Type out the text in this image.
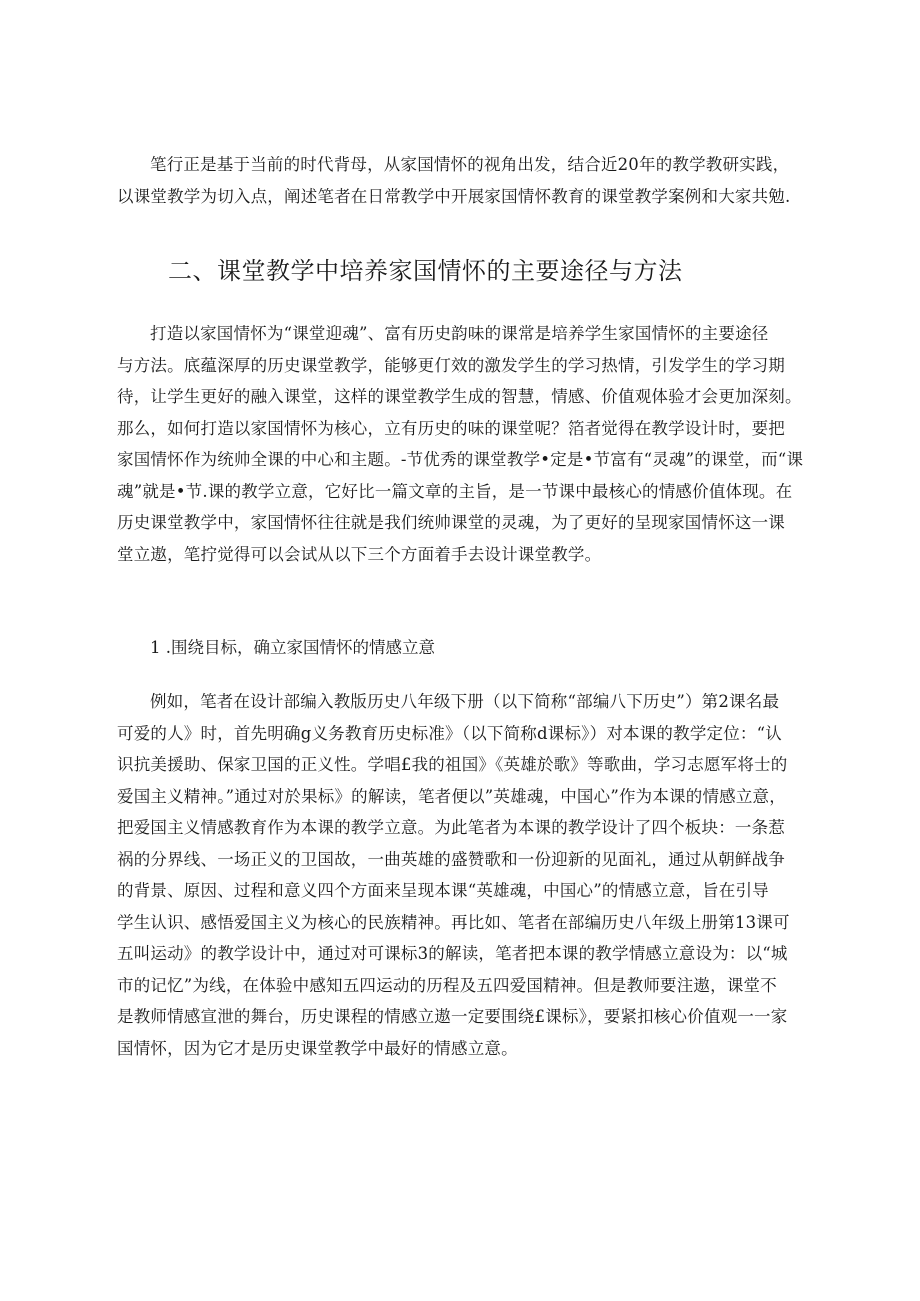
笔行正是基于当前的时代背母，从家国情怀的视角出发，结合近20年的教学教研实践，
以课堂教学为切入点，阐述笔者在日常教学中开展家国情怀教育的课堂教学案例和大家共勉.
二、课堂教学中培养家国情怀的主要途径与方法
打造以家国情怀为“课堂迎魂”、富有历史韵味的课常是培养学生家国情怀的主要途径
与方法。底蕴深厚的历史课堂教学，能够更仃效的激发学生的学习热情，引发学生的学习期
待，让学生更好的融入课堂，这样的课堂教学生成的智慧，情感、价值观体验才会更加深刻。
那么，如何打造以家国情怀为核心，立有历史的味的课堂呢？箔者觉得在教学设计时，要把
家国情怀作为统帅全课的中心和主题。-节优秀的课堂教学•定是•节富有“灵魂”的课堂，而“课
魂”就是•节.课的教学立意，它好比一篇文章的主旨，是一节课中最核心的情感价值体现。在
历史课堂教学中，家国情怀往往就是我们统帅课堂的灵魂，为了更好的呈现家国情怀这一课
堂立遨，笔拧觉得可以会试从以下三个方面着手去设计课堂教学。
1 .围绕目标，确立家国情怀的情感立意
例如，笔者在设计部编入教版历史八年级下册（以下简称“部编八下历史”）第2课名最
可爱的人》时，首先明确g义务教育历史标准》（以下简称d课标》）对本课的教学定位：“认
识抗美援助、保家卫国的正义性。学唱£我的祖国》《英雄於歌》等歌曲，学习志愿军将士的
爱国主义精神。”通过对於果标》的解读，笔者便以”英雄魂，中国心”作为本课的情感立意，
把爱国主义情感教育作为本课的教学立意。为此笔者为本课的教学设计了四个板块：一条惹
祸的分界线、一场正义的卫国故，一曲英雄的盛赞歌和一份迎新的见面礼，通过从朝鲜战争
的背景、原因、过程和意义四个方面来呈现本课“英雄魂，中国心”的情感立意，旨在引导
学生认识、感悟爱国主义为核心的民族精神。再比如、笔者在部编历史八年级上册第13课可
五叫运动》的教学设计中，通过对可课标3的解读，笔者把本课的教学情感立意设为：以“城
市的记忆”为线，在体验中感知五四运动的历程及五四爱国精神。但是教师要注遨，课堂不
是教师情感宣泄的舞台，历史课程的情感立遨一定要围绕£课标》，要紧扣核心价值观一一家
国情怀，因为它才是历史课堂教学中最好的情感立意。
